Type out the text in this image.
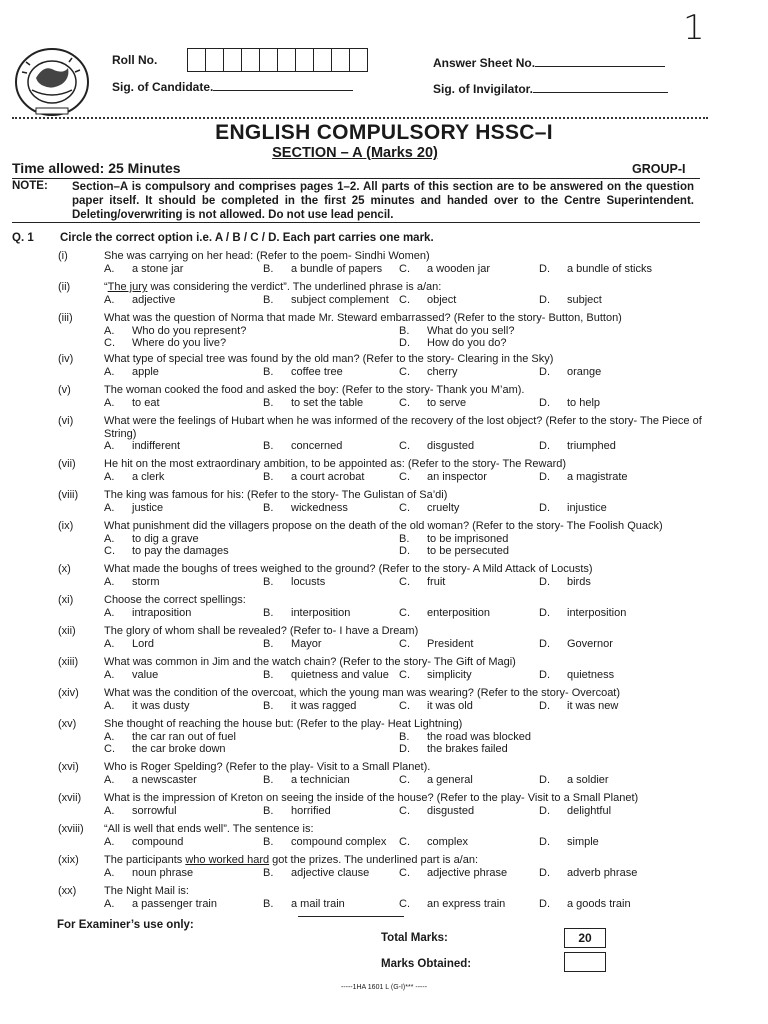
1
Roll No.	Answer Sheet No.
Sig. of Candidate.	Sig. of Invigilator.
ENGLISH COMPULSORY HSSC–I
SECTION – A (Marks 20)
Time allowed: 25 Minutes	GROUP-I
NOTE: Section–A is compulsory and comprises pages 1–2. All parts of this section are to be answered on the question paper itself. It should be completed in the first 25 minutes and handed over to the Centre Superintendent. Deleting/overwriting is not allowed. Do not use lead pencil.
Q. 1 Circle the correct option i.e. A / B / C / D. Each part carries one mark.
(i)	She was carrying on her head: (Refer to the poem- Sindhi Women)
A. a stone jar	B. a bundle of papers C. a wooden jar	D. a bundle of sticks
(ii)	“The jury was considering the verdict”. The underlined phrase is a/an:
A. adjective	B. subject complement C. object	D. subject
(iii)	What was the question of Norma that made Mr. Steward embarrassed? (Refer to the story- Button, Button)
A. Who do you represent?	B. What do you sell?
C. Where do you live?	D. How do you do?
(iv)	What type of special tree was found by the old man? (Refer to the story- Clearing in the Sky)
A. apple	B. coffee tree	C. cherry	D. orange
(v)	The woman cooked the food and asked the boy: (Refer to the story- Thank you M’am).
A. to eat	B. to set the table	C. to serve	D. to help
(vi)	What were the feelings of Hubart when he was informed of the recovery of the lost object? (Refer to the story- The Piece of String)
A. indifferent	B. concerned	C. disgusted	D. triumphed
(vii)	He hit on the most extraordinary ambition, to be appointed as: (Refer to the story- The Reward)
A. a clerk	B. a court acrobat	C. an inspector	D. a magistrate
(viii) The king was famous for his: (Refer to the story- The Gulistan of Sa’di)
A. justice	B. wickedness	C. cruelty	D. injustice
(ix)	What punishment did the villagers propose on the death of the old woman? (Refer to the story- The Foolish Quack)
A. to dig a grave	B. to be imprisoned
C. to pay the damages	D. to be persecuted
(x)	What made the boughs of trees weighed to the ground? (Refer to the story- A Mild Attack of Locusts)
A. storm	B. locusts	C. fruit	D. birds
(xi)	Choose the correct spellings:
A. intraposition	B. interposition	C. enterposition	D. interposition
(xii)	The glory of whom shall be revealed? (Refer to- I have a Dream)
A. Lord	B. Mayor	C. President	D. Governor
(xiii) What was common in Jim and the watch chain? (Refer to the story- The Gift of Magi)
A. value	B. quietness and value C. simplicity	D. quietness
(xiv) What was the condition of the overcoat, which the young man was wearing? (Refer to the story- Overcoat)
A. it was dusty	B. it was ragged	C. it was old	D. it was new
(xv)	She thought of reaching the house but: (Refer to the play- Heat Lightning)
A. the car ran out of fuel	B. the road was blocked
C. the car broke down	D. the brakes failed
(xvi) Who is Roger Spelding? (Refer to the play- Visit to a Small Planet).
A. a newscaster	B. a technician	C. a general	D. a soldier
(xvii) What is the impression of Kreton on seeing the inside of the house? (Refer to the play- Visit to a Small Planet)
A. sorrowful	B. horrified	C. disgusted	D. delightful
(xviii) “All is well that ends well”. The sentence is:
A. compound	B. compound complex C. complex	D. simple
(xix) The participants who worked hard got the prizes. The underlined part is a/an:
A. noun phrase	B. adjective clause	C. adjective phrase	D. adverb phrase
(xx)	The Night Mail is:
A. a passenger train	B. a mail train	C. an express train	D. a goods train
For Examiner’s use only:
Total Marks:	20
Marks Obtained:
-----1HA 1601 L (G-I)*** -----
